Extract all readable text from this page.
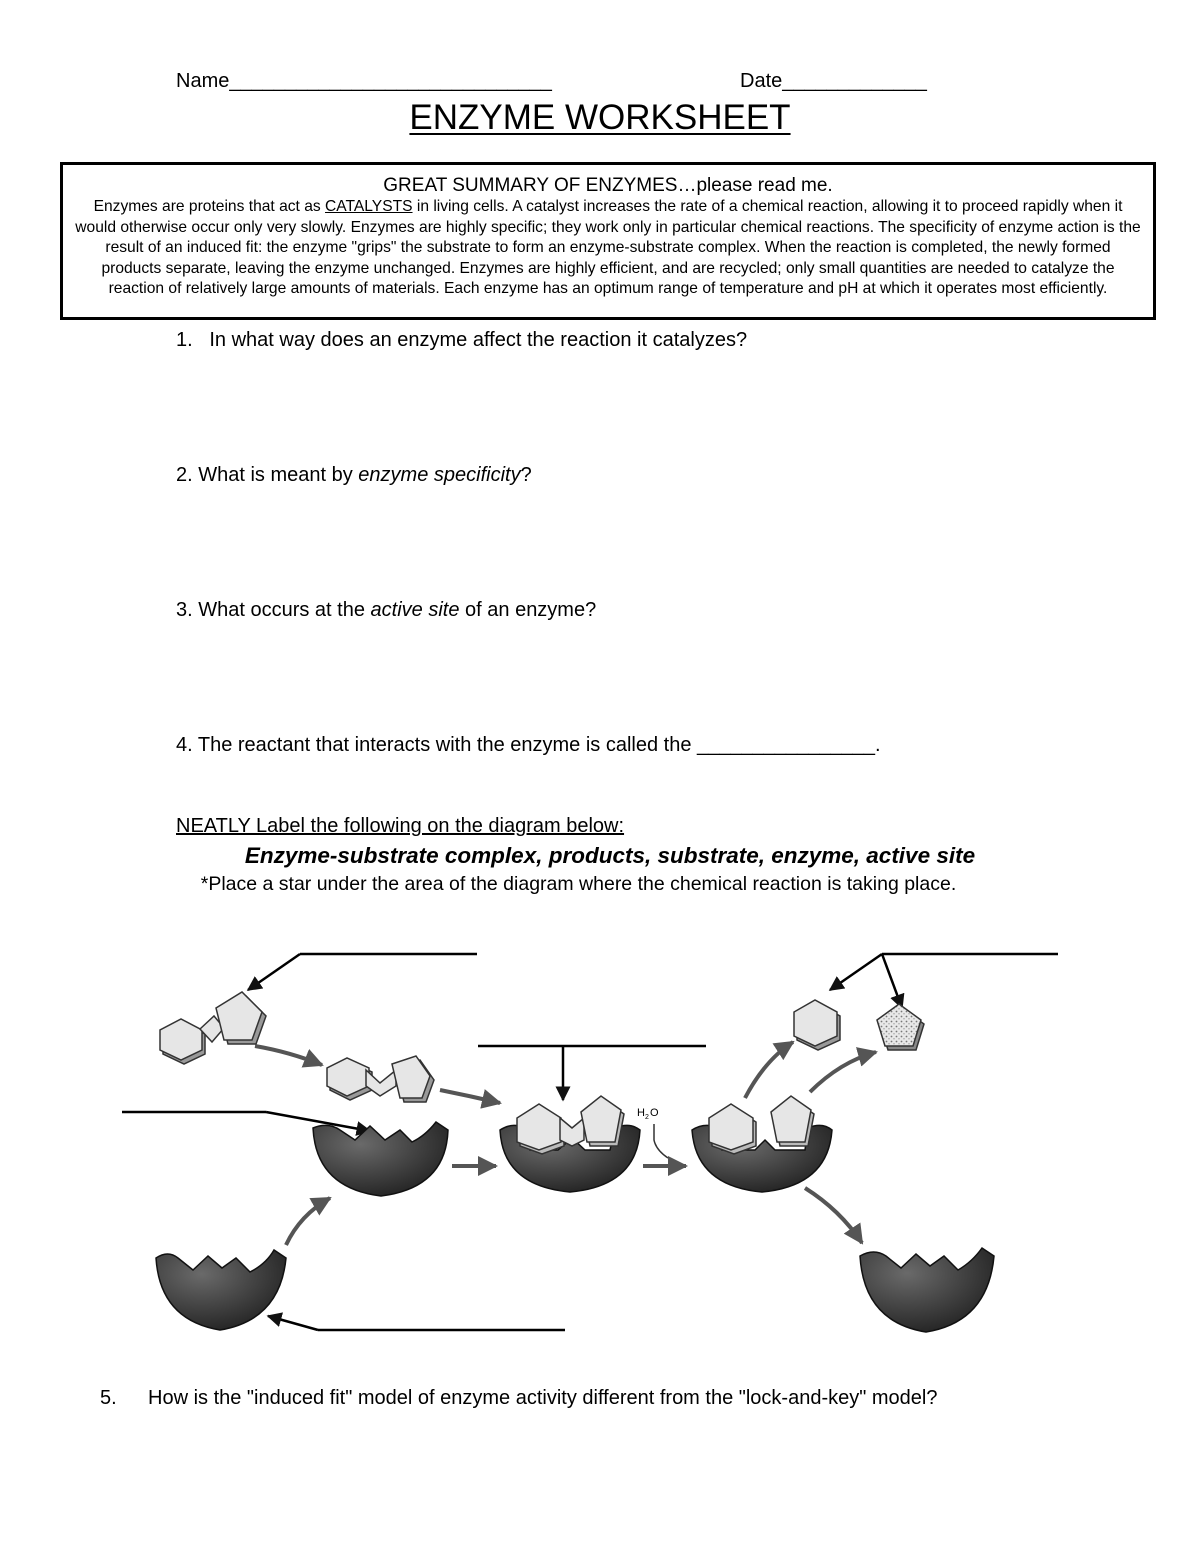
Name_____________________________	Date_____________
ENZYME WORKSHEET
GREAT SUMMARY OF ENZYMES…please read me.
Enzymes are proteins that act as CATALYSTS in living cells. A catalyst increases the rate of a chemical reaction, allowing it to proceed rapidly when it would otherwise occur only very slowly. Enzymes are highly specific; they work only in particular chemical reactions. The specificity of enzyme action is the result of an induced fit: the enzyme "grips" the substrate to form an enzyme-substrate complex. When the reaction is completed, the newly formed products separate, leaving the enzyme unchanged. Enzymes are highly efficient, and are recycled; only small quantities are needed to catalyze the reaction of relatively large amounts of materials. Each enzyme has an optimum range of temperature and pH at which it operates most efficiently.
1. In what way does an enzyme affect the reaction it catalyzes?
2. What is meant by enzyme specificity?
3. What occurs at the active site of an enzyme?
4. The reactant that interacts with the enzyme is called the ________________.
NEATLY Label the following on the diagram below:
Enzyme-substrate complex, products, substrate, enzyme, active site
*Place a star under the area of the diagram where the chemical reaction is taking place.
H 2 O
5. How is the "induced fit" model of enzyme activity different from the "lock-and-key" model?
